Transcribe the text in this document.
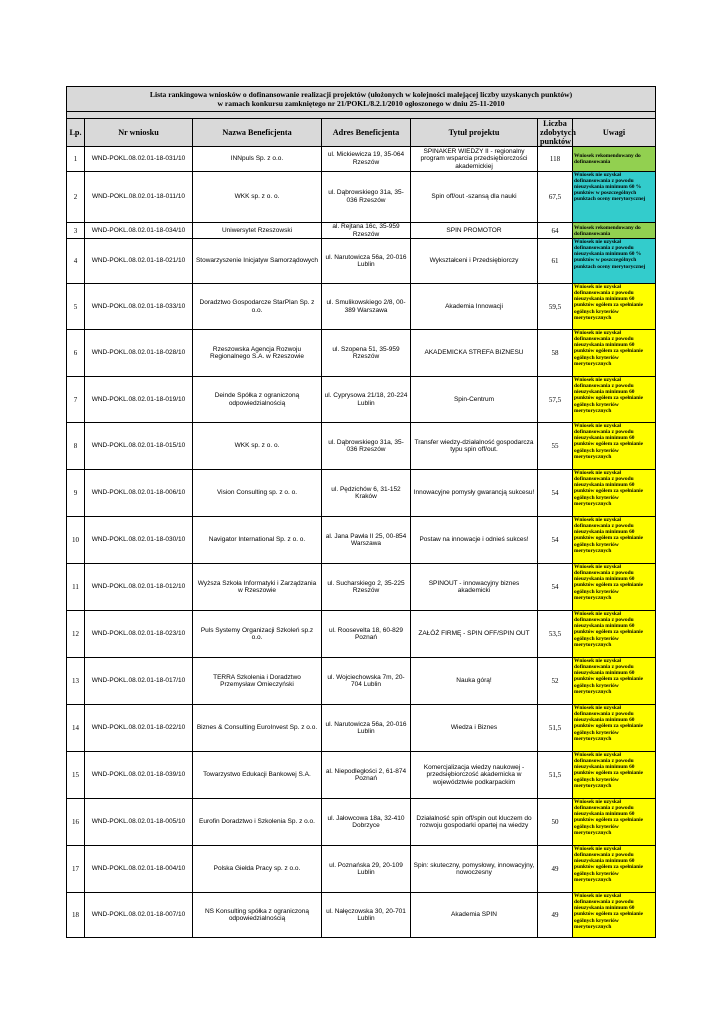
Lista rankingowa wniosków o dofinansowanie realizacji projektów (ułożonych w kolejności malejącej liczby uzyskanych punktów)
w ramach konkursu zamkniętego nr 21/POKL/8.2.1/2010 ogłoszonego w dniu 25-11-2010						

Lp.	Nr wniosku	Nazwa Beneficjenta	Adres Beneficjenta	Tytuł projektu	Liczba zdobytych punktów	Uwagi
1	WND-POKL.08.02.01-18-031/10	INNpuls Sp. z o.o.	ul. Mickiewicza 19, 35-064 Rzeszów	SPINAKER WIEDZY II - regionalny program wsparcia przedsiębiorczości akademickiej	118	Wniosek rekomendowany do dofinansowania
2	WND-POKL.08.02.01-18-011/10	WKK sp. z o. o.	ul. Dąbrowskiego 31a, 35-036 Rzeszów	Spin off/out -szansą dla nauki	67,5	Wniosek nie uzyskał dofinansowania z powodu nieuzyskania minimum 60 % punktów w poszczególnych punktach oceny merytorycznej
3	WND-POKL.08.02.01-18-034/10	Uniwersytet Rzeszowski	al. Rejtana 16c, 35-959 Rzeszów	SPIN PROMOTOR	64	Wniosek rekomendowany do dofinansowania
4	WND-POKL.08.02.01-18-021/10	Stowarzyszenie Inicjatyw Samorządowych	ul. Narutowicza 56a, 20-016 Lublin	Wykształceni i Przedsiębiorczy	61	Wniosek nie uzyskał dofinansowania z powodu nieuzyskania minimum 60 % punktów w poszczególnych punktach oceny merytorycznej
5	WND-POKL.08.02.01-18-033/10	Doradztwo Gospodarcze StarPlan Sp. z o.o.	ul. Smulikowskiego 2/8, 00-389 Warszawa	Akademia Innowacji	59,5	Wniosek nie uzyskał dofinansowania z powodu nieuzyskania minimum 60 punktów ogółem za spełnianie ogólnych kryteriów merytorycznych
6	WND-POKL.08.02.01-18-028/10	Rzeszowska Agencja Rozwoju Regionalnego S.A. w Rzeszowie	ul. Szopena 51, 35-959 Rzeszów	AKADEMICKA STREFA BIZNESU	58	Wniosek nie uzyskał dofinansowania z powodu nieuzyskania minimum 60 punktów ogółem za spełnianie ogólnych kryteriów merytorycznych
7	WND-POKL.08.02.01-18-019/10	Deinde Spółka z ograniczoną odpowiedzialnością	ul. Cyprysowa 21/18, 20-224 Lublin	Spin-Centrum	57,5	Wniosek nie uzyskał dofinansowania z powodu nieuzyskania minimum 60 punktów ogółem za spełnianie ogólnych kryteriów merytorycznych
8	WND-POKL.08.02.01-18-015/10	WKK sp. z o. o.	ul. Dąbrowskiego 31a, 35-036 Rzeszów	Transfer wiedzy-działalność gospodarcza typu spin off/out.	55	Wniosek nie uzyskał dofinansowania z powodu nieuzyskania minimum 60 punktów ogółem za spełnianie ogólnych kryteriów merytorycznych
9	WND-POKL.08.02.01-18-006/10	Vision Consulting sp. z o. o.	ul. Pędzichów 6, 31-152 Kraków	Innowacyjne pomysły gwarancją sukcesu!	54	Wniosek nie uzyskał dofinansowania z powodu nieuzyskania minimum 60 punktów ogółem za spełnianie ogólnych kryteriów merytorycznych
10	WND-POKL.08.02.01-18-030/10	Navigator International Sp. z o. o.	al. Jana Pawła II 25, 00-854 Warszawa	Postaw na innowacje i odnieś sukces!	54	Wniosek nie uzyskał dofinansowania z powodu nieuzyskania minimum 60 punktów ogółem za spełnianie ogólnych kryteriów merytorycznych
11	WND-POKL.08.02.01-18-012/10	Wyższa Szkoła Informatyki i Zarządzania w Rzeszowie	ul. Sucharskiego 2, 35-225 Rzeszów	SPINOUT - innowacyjny biznes akademicki	54	Wniosek nie uzyskał dofinansowania z powodu nieuzyskania minimum 60 punktów ogółem za spełnianie ogólnych kryteriów merytorycznych
12	WND-POKL.08.02.01-18-023/10	Puls Systemy Organizacji Szkoleń sp.z o.o.	ul. Roosevelta 18, 60-829 Poznań	ZAŁÓŻ FIRMĘ - SPIN OFF/SPIN OUT	53,5	Wniosek nie uzyskał dofinansowania z powodu nieuzyskania minimum 60 punktów ogółem za spełnianie ogólnych kryteriów merytorycznych
13	WND-POKL.08.02.01-18-017/10	TERRA Szkolenia i Doradztwo Przemysław Omieczyński	ul. Wojciechowska 7m, 20-704 Lublin	Nauka górą!	52	Wniosek nie uzyskał dofinansowania z powodu nieuzyskania minimum 60 punktów ogółem za spełnianie ogólnych kryteriów merytorycznych
14	WND-POKL.08.02.01-18-022/10	Biznes & Consulting EuroInvest Sp. z o.o.	ul. Narutowicza 56a, 20-016 Lublin	Wiedza i Biznes	51,5	Wniosek nie uzyskał dofinansowania z powodu nieuzyskania minimum 60 punktów ogółem za spełnianie ogólnych kryteriów merytorycznych
15	WND-POKL.08.02.01-18-039/10	Towarzystwo Edukacji Bankowej S.A.	al. Niepodległości 2, 61-874 Poznań	Komercjalizacja wiedzy naukowej - przedsiębiorczość akademicka w województwie podkarpackim	51,5	Wniosek nie uzyskał dofinansowania z powodu nieuzyskania minimum 60 punktów ogółem za spełnianie ogólnych kryteriów merytorycznych
16	WND-POKL.08.02.01-18-005/10	Eurofin Doradztwo i Szkolenia Sp. z o.o.	ul. Jałowcowa 18a, 32-410 Dobrzyce	Działalność spin off/spin out kluczem do rozwoju gospodarki opartej na wiedzy	50	Wniosek nie uzyskał dofinansowania z powodu nieuzyskania minimum 60 punktów ogółem za spełnianie ogólnych kryteriów merytorycznych
17	WND-POKL.08.02.01-18-004/10	Polska Giełda Pracy sp. z o.o.	ul. Poznańska 29, 20-109 Lublin	Spin: skuteczny, pomysłowy, innowacyjny, nowoczesny	49	Wniosek nie uzyskał dofinansowania z powodu nieuzyskania minimum 60 punktów ogółem za spełnianie ogólnych kryteriów merytorycznych
18	WND-POKL.08.02.01-18-007/10	NS Konsulting spółka z ograniczoną odpowiedzialnością	ul. Nałęczowska 30, 20-701 Lublin	Akademia SPIN	49	Wniosek nie uzyskał dofinansowania z powodu nieuzyskania minimum 60 punktów ogółem za spełnianie ogólnych kryteriów merytorycznych
